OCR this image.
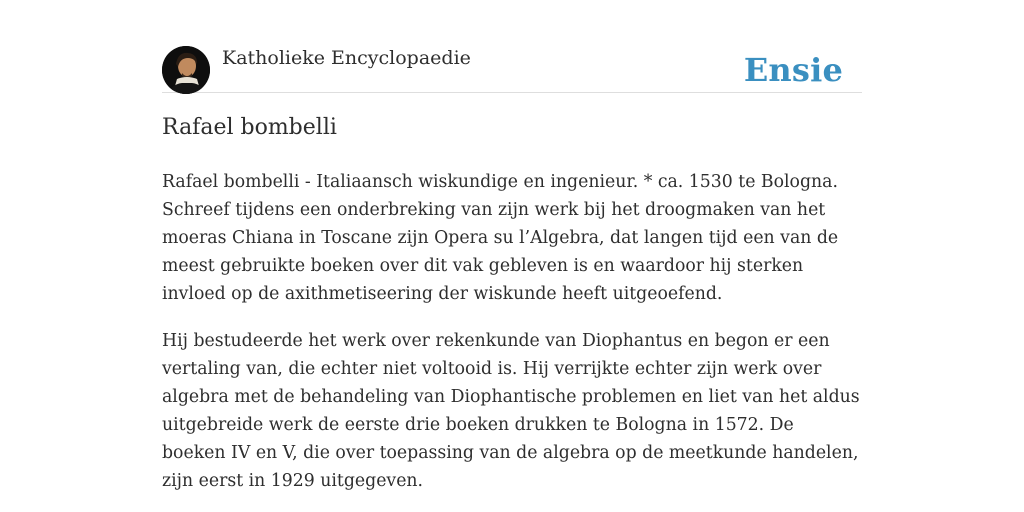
Katholieke Encyclopaedie	Ensie
Rafael bombelli

Rafael bombelli - Italiaansch wiskundige en ingenieur. * ca. 1530 te Bologna. Schreef tijdens een onderbreking van zijn werk bij het droogmaken van het moeras Chiana in Toscane zijn Opera su l’Algebra, dat langen tijd een van de meest gebruikte boeken over dit vak gebleven is en waardoor hij sterken invloed op de axithmetiseering der wiskunde heeft uitgeoefend.

Hij bestudeerde het werk over rekenkunde van Diophantus en begon er een vertaling van, die echter niet voltooid is. Hij verrijkte echter zijn werk over algebra met de behandeling van Diophantische problemen en liet van het aldus uitgebreide werk de eerste drie boeken drukken te Bologna in 1572. De boeken IV en V, die over toepassing van de algebra op de meetkunde handelen, zijn eerst in 1929 uitgegeven.
